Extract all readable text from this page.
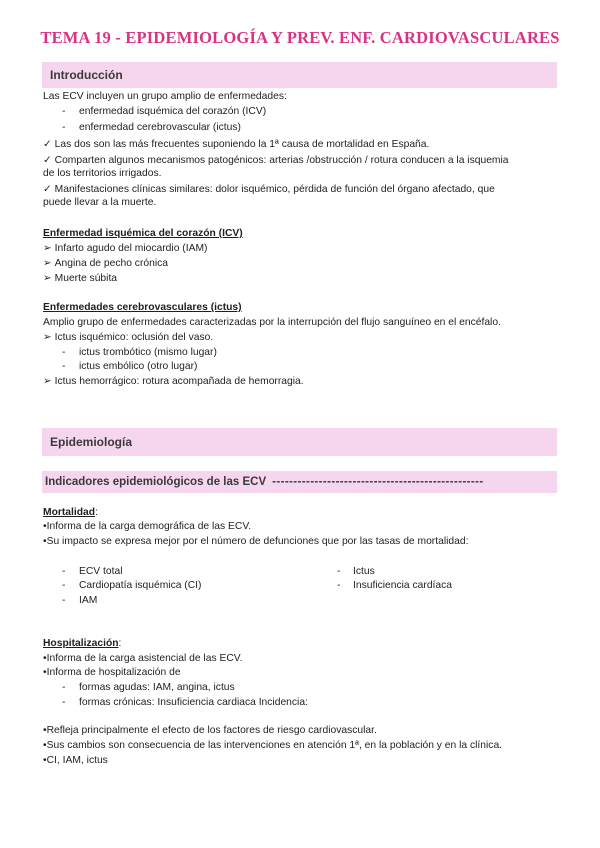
TEMA 19 - EPIDEMIOLOGÍA Y PREV. ENF. CARDIOVASCULARES
Introducción
Las ECV incluyen un grupo amplio de enfermedades:
- enfermedad isquémica del corazón (ICV)
- enfermedad cerebrovascular (ictus)
✓ Las dos son las más frecuentes suponiendo la 1ª causa de mortalidad en España.
✓ Comparten algunos mecanismos patogénicos: arterias /obstrucción / rotura conducen a la isquemia
de los territorios irrigados.
✓ Manifestaciones clínicas similares: dolor isquémico, pérdida de función del órgano afectado, que
puede llevar a la muerte.
Enfermedad isquémica del corazón (ICV)
➢ Infarto agudo del miocardio (IAM)
➢ Angina de pecho crónica
➢ Muerte súbita
Enfermedades cerebrovasculares (ictus)
Amplio grupo de enfermedades caracterizadas por la interrupción del flujo sanguíneo en el encéfalo.
➢ Ictus isquémico: oclusión del vaso.
- ictus trombótico (mismo lugar)
- ictus embólico (otro lugar)
➢ Ictus hemorrágico: rotura acompañada de hemorragia.
Epidemiología
Indicadores epidemiológicos de las ECV --------------------------------------------------
Mortalidad:
•Informa de la carga demográfica de las ECV.
•Su impacto se expresa mejor por el número de defunciones que por las tasas de mortalidad:
- ECV total
- Cardiopatía isquémica (CI)
- IAM
- Ictus
- Insuficiencia cardíaca
Hospitalización:
•Informa de la carga asistencial de las ECV.
•Informa de hospitalización de
- formas agudas: IAM, angina, ictus
- formas crónicas: Insuficiencia cardiaca Incidencia:
•Refleja principalmente el efecto de los factores de riesgo cardiovascular.
•Sus cambios son consecuencia de las intervenciones en atención 1ª, en la población y en la clínica.
•CI, IAM, ictus
